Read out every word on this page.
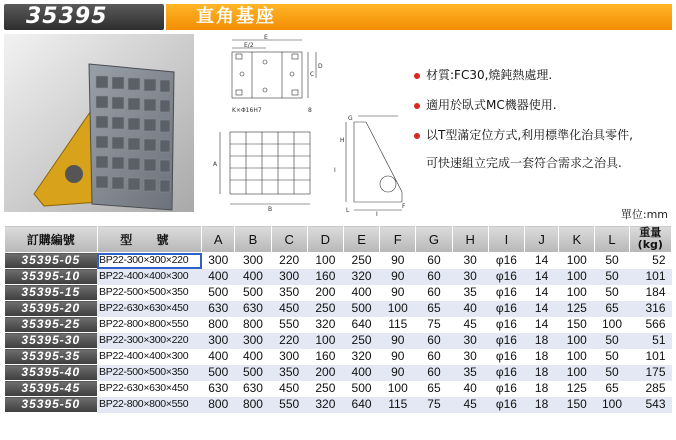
35395	直角基座
E
E/2
C
D
K×Φ16H7	8
A
B
G
H
I
L
J
F
材質:FC30,燒鈍熱處理.
適用於臥式MC機器使用.
以T型滿定位方式,利用標準化治具零件,
可快速組立完成一套符合需求之治具.
單位:mm
訂購編號	型 號	A	B	C	D	E	F	G	H	I	J	K	L	重量(kg)
35395-05	BP22-300×300×220	300	300	220	100	250	90	60	30	φ16	14	100	50	52
35395-10	BP22-400×400×300	400	400	300	160	320	90	60	30	φ16	14	100	50	101
35395-15	BP22-500×500×350	500	500	350	200	400	90	60	35	φ16	14	100	50	184
35395-20	BP22-630×630×450	630	630	450	250	500	100	65	40	φ16	14	125	65	316
35395-25	BP22-800×800×550	800	800	550	320	640	115	75	45	φ16	14	150	100	566
35395-30	BP22-300×300×220	300	300	220	100	250	90	60	30	φ16	18	100	50	51
35395-35	BP22-400×400×300	400	400	300	160	320	90	60	30	φ16	18	100	50	101
35395-40	BP22-500×500×350	500	500	350	200	400	90	60	35	φ16	18	100	50	175
35395-45	BP22-630×630×450	630	630	450	250	500	100	65	40	φ16	18	125	65	285
35395-50	BP22-800×800×550	800	800	550	320	640	115	75	45	φ16	18	150	100	543
